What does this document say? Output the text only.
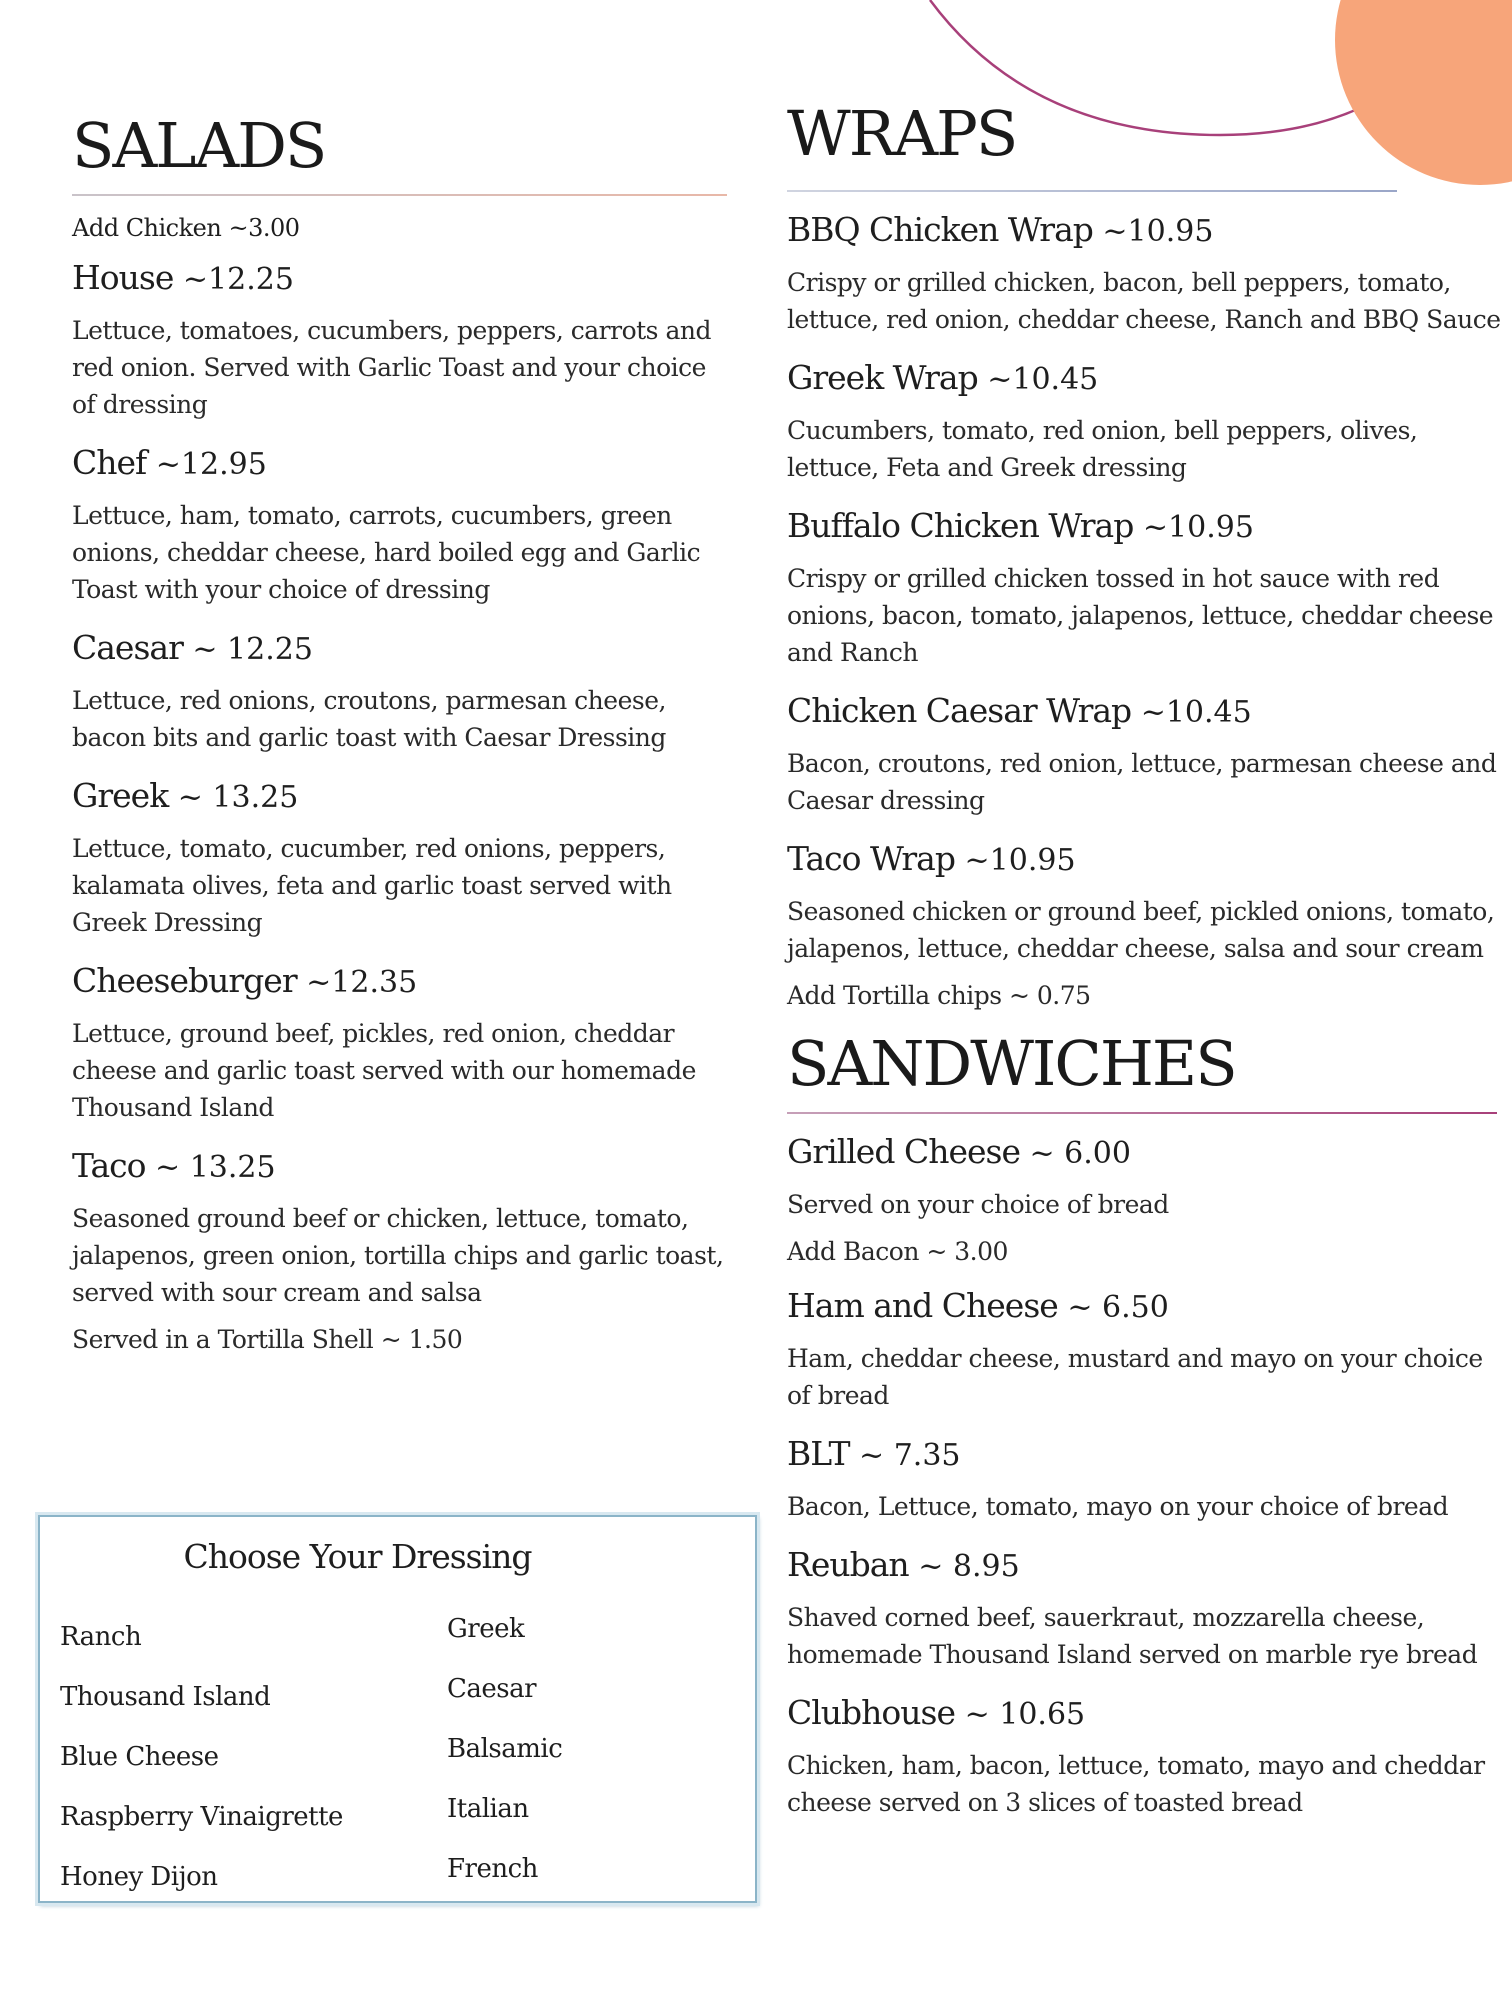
SALADS

Add Chicken ~3.00

House ~12.25

Lettuce, tomatoes, cucumbers, peppers, carrots and red onion. Served with Garlic Toast and your choice of dressing

Chef ~12.95

Lettuce, ham, tomato, carrots, cucumbers, green onions, cheddar cheese, hard boiled egg and Garlic Toast with your choice of dressing

Caesar ~ 12.25

Lettuce, red onions, croutons, parmesan cheese, bacon bits and garlic toast with Caesar Dressing

Greek ~ 13.25

Lettuce, tomato, cucumber, red onions, peppers, kalamata olives, feta and garlic toast served with Greek Dressing

Cheeseburger ~12.35

Lettuce, ground beef, pickles, red onion, cheddar cheese and garlic toast served with our homemade Thousand Island

Taco ~ 13.25

Seasoned ground beef or chicken, lettuce, tomato, jalapenos, green onion, tortilla chips and garlic toast, served with sour cream and salsa

Served in a Tortilla Shell ~ 1.50

Choose Your Dressing

Ranch
Thousand Island
Blue Cheese
Raspberry Vinaigrette
Honey Dijon
Greek
Caesar
Balsamic
Italian
French
WRAPS

BBQ Chicken Wrap ~10.95

Crispy or grilled chicken, bacon, bell peppers, tomato, lettuce, red onion, cheddar cheese, Ranch and BBQ Sauce

Greek Wrap ~10.45

Cucumbers, tomato, red onion, bell peppers, olives, lettuce, Feta and Greek dressing

Buffalo Chicken Wrap ~10.95

Crispy or grilled chicken tossed in hot sauce with red onions, bacon, tomato, jalapenos, lettuce, cheddar cheese and Ranch

Chicken Caesar Wrap ~10.45

Bacon, croutons, red onion, lettuce, parmesan cheese and Caesar dressing

Taco Wrap ~10.95

Seasoned chicken or ground beef, pickled onions, tomato, jalapenos, lettuce, cheddar cheese, salsa and sour cream

Add Tortilla chips ~ 0.75

SANDWICHES

Grilled Cheese ~ 6.00

Served on your choice of bread

Add Bacon ~ 3.00

Ham and Cheese ~ 6.50

Ham, cheddar cheese, mustard and mayo on your choice of bread

BLT ~ 7.35

Bacon, Lettuce, tomato, mayo on your choice of bread

Reuban ~ 8.95

Shaved corned beef, sauerkraut, mozzarella cheese, homemade Thousand Island served on marble rye bread

Clubhouse ~ 10.65

Chicken, ham, bacon, lettuce, tomato, mayo and cheddar cheese served on 3 slices of toasted bread
